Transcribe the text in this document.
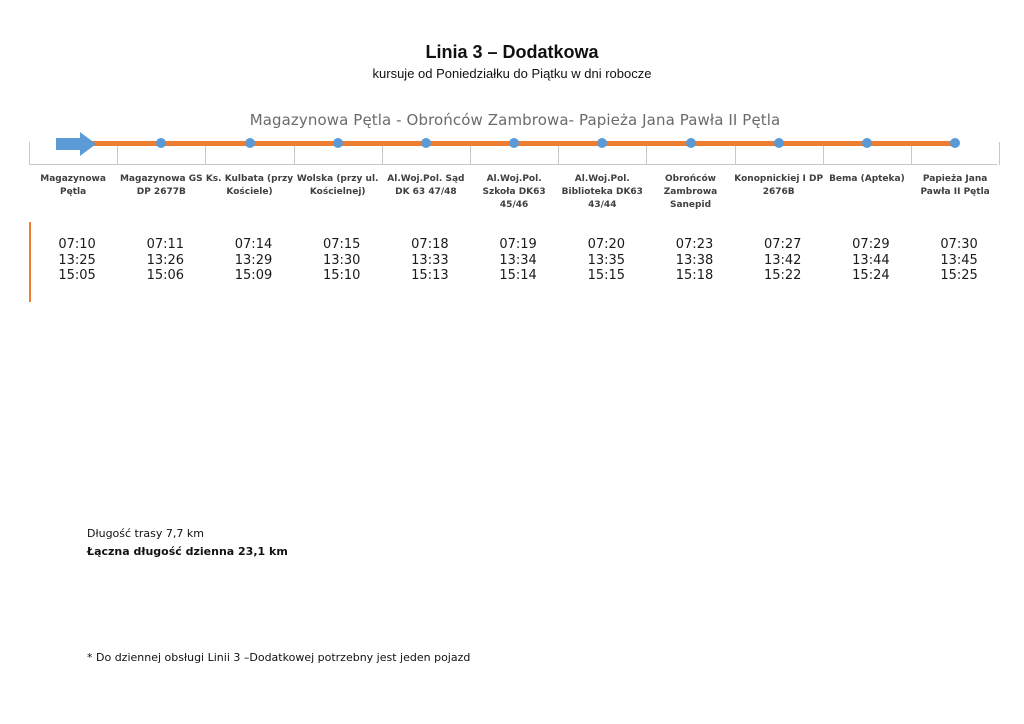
Linia 3 – Dodatkowa
kursuje od Poniedziałku do Piątku w dni robocze
Magazynowa Pętla - Obrońców Zambrowa- Papieża Jana Pawła II Pętla
Magazynowa Pętla
Magazynowa GS DP 2677B
Ks. Kulbata (przy Kościele)
Wolska (przy ul. Kościelnej)
Al.Woj.Pol. Sąd DK 63 47/48
Al.Woj.Pol. Szkoła DK63 45/46
Al.Woj.Pol. Biblioteka DK63 43/44
Obrońców Zambrowa Sanepid
Konopnickiej I DP 2676B
Bema (Apteka)	Papieża Jana Pawła II Pętla
07:10
13:25
15:05
07:11
13:26
15:06
07:14
13:29
15:09
07:15
13:30
15:10
07:18
13:33
15:13
07:19
13:34
15:14
07:20
13:35
15:15
07:23
13:38
15:18
07:27
13:42
15:22
07:29
13:44
15:24
07:30
13:45
15:25
Długość trasy 7,7 km
Łączna długość dzienna 23,1 km
* Do dziennej obsługi Linii 3 –Dodatkowej potrzebny jest jeden pojazd
